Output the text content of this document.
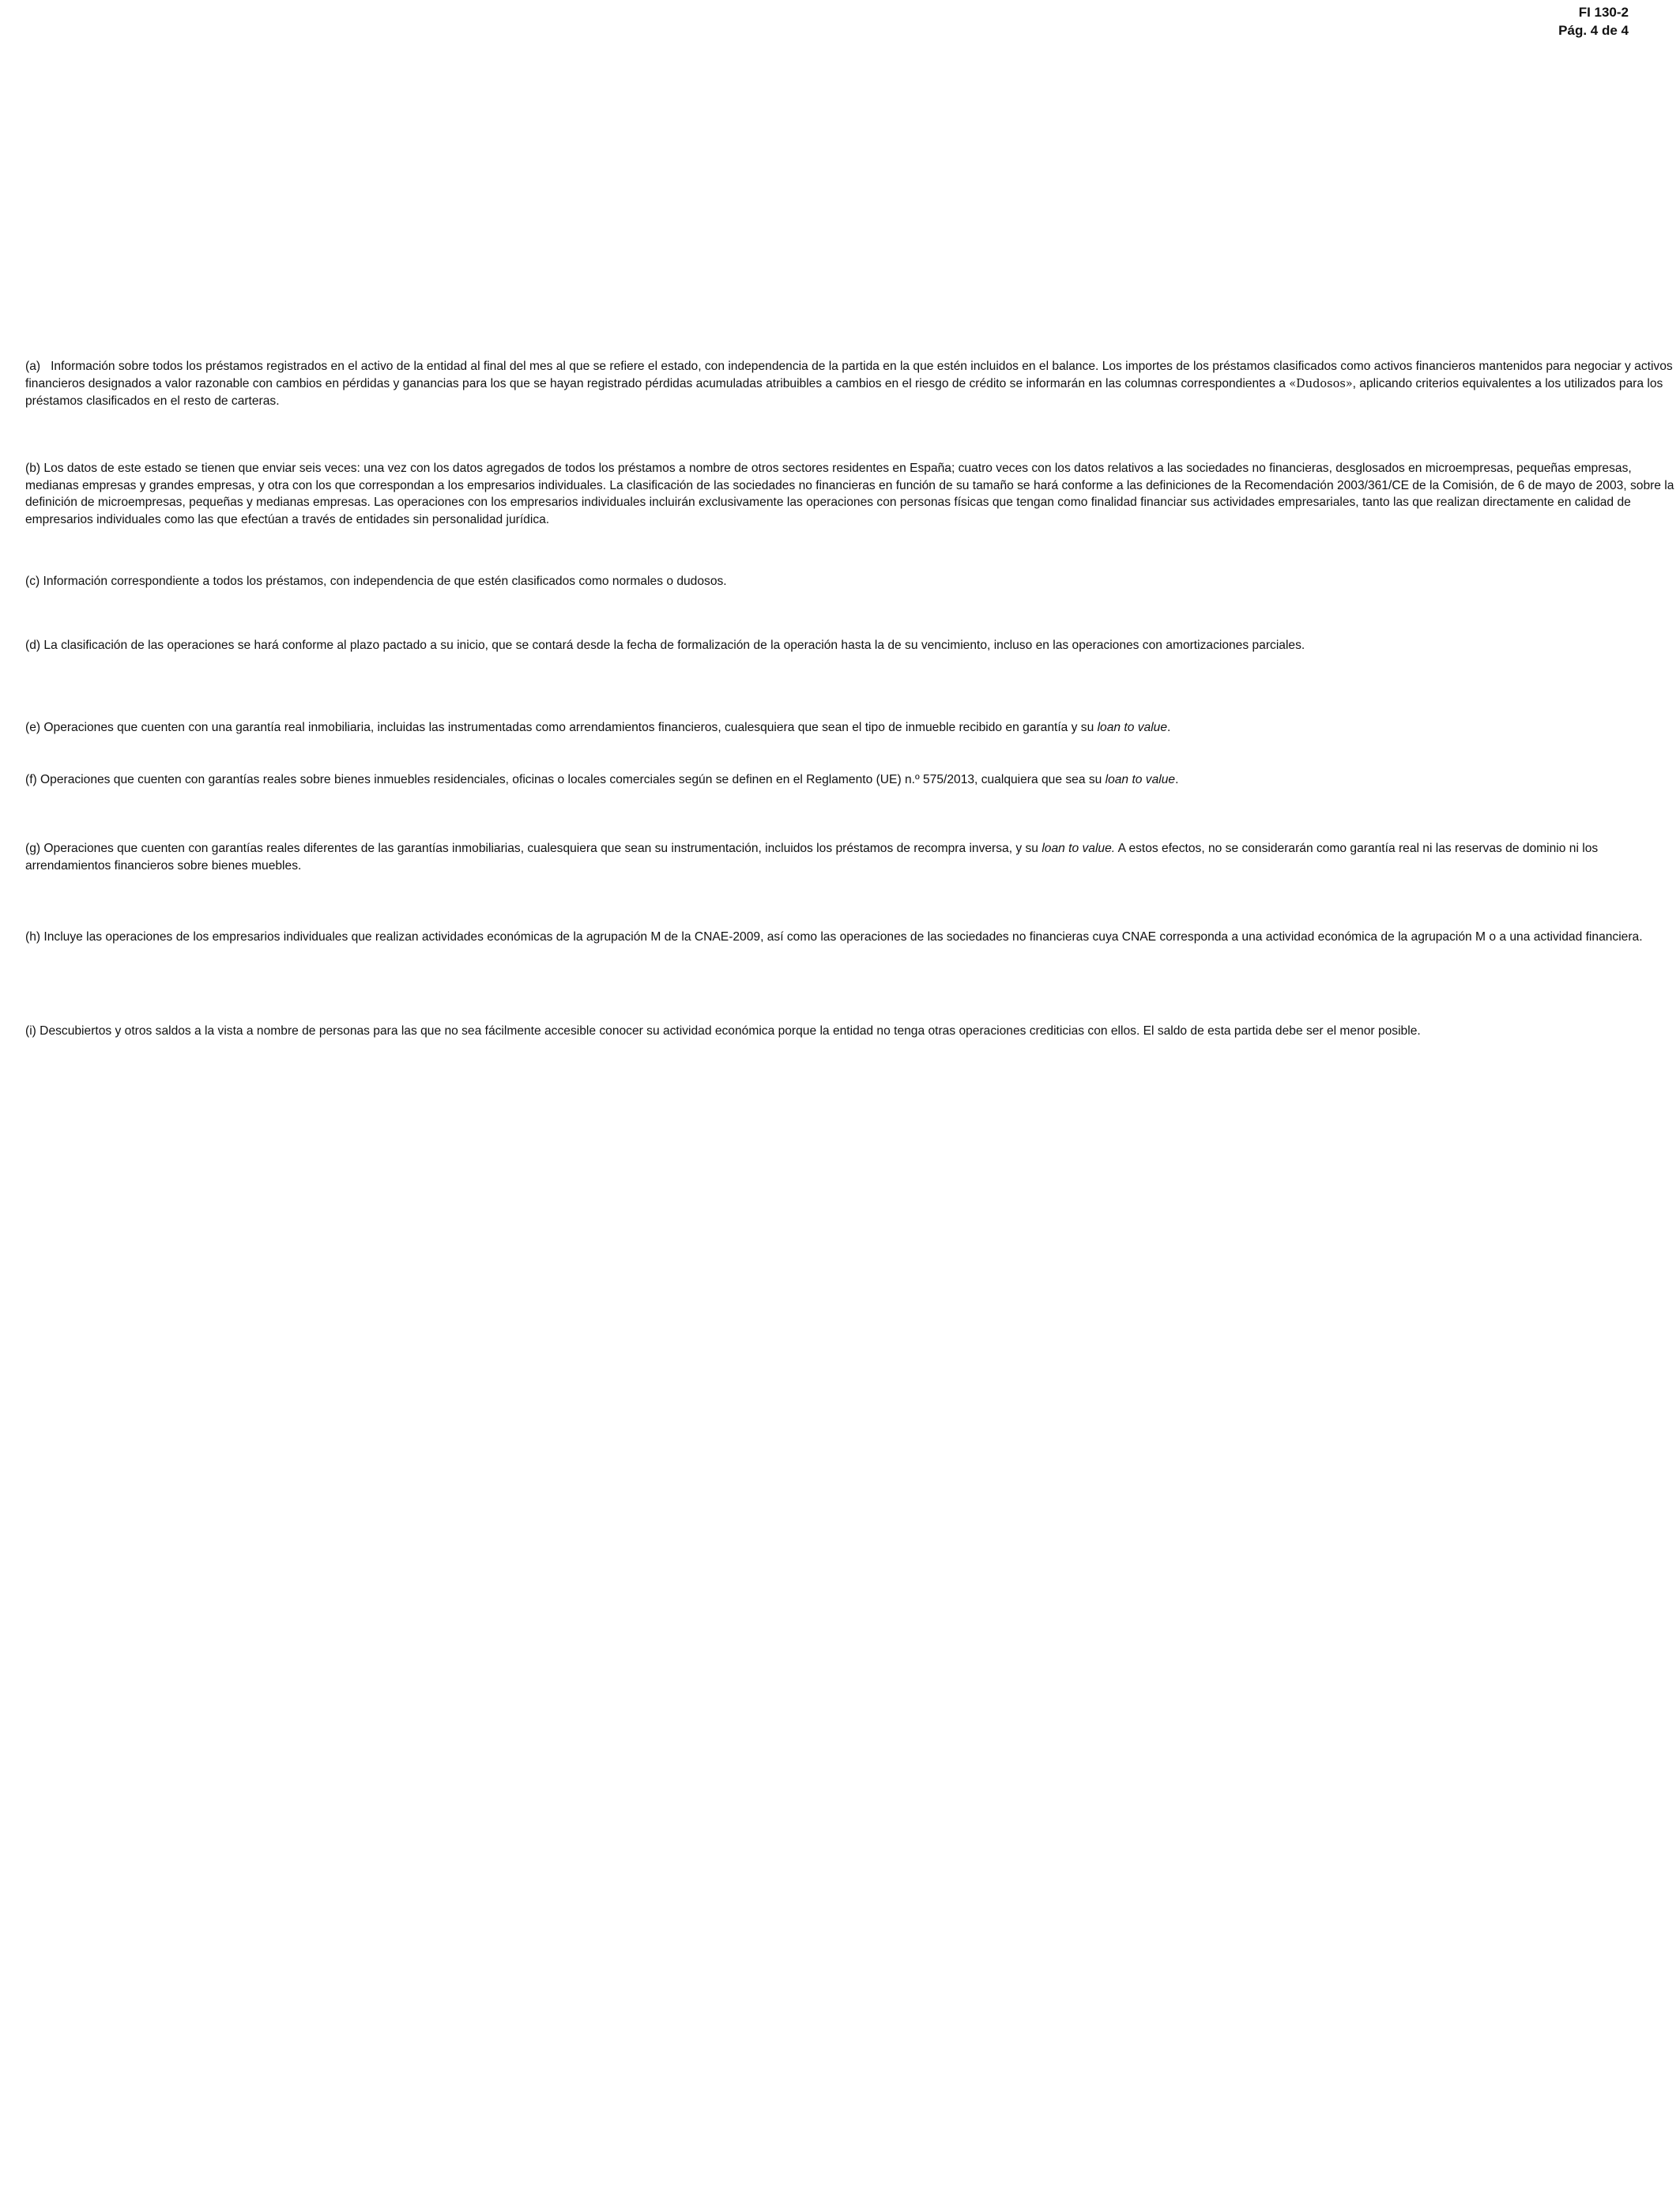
FI 130-2
Pág. 4 de 4

(a) Información sobre todos los préstamos registrados en el activo de la entidad al final del mes al que se refiere el estado, con independencia de la partida en la que estén incluidos en el balance. Los importes de los préstamos clasificados como activos financieros mantenidos para negociar y activos financieros designados a valor razonable con cambios en pérdidas y ganancias para los que se hayan registrado pérdidas acumuladas atribuibles a cambios en el riesgo de crédito se informarán en las columnas correspondientes a «Dudosos», aplicando criterios equivalentes a los utilizados para los préstamos clasificados en el resto de carteras.

(b) Los datos de este estado se tienen que enviar seis veces: una vez con los datos agregados de todos los préstamos a nombre de otros sectores residentes en España; cuatro veces con los datos relativos a las sociedades no financieras, desglosados en microempresas, pequeñas empresas, medianas empresas y grandes empresas, y otra con los que correspondan a los empresarios individuales. La clasificación de las sociedades no financieras en función de su tamaño se hará conforme a las definiciones de la Recomendación 2003/361/CE de la Comisión, de 6 de mayo de 2003, sobre la definición de microempresas, pequeñas y medianas empresas. Las operaciones con los empresarios individuales incluirán exclusivamente las operaciones con personas físicas que tengan como finalidad financiar sus actividades empresariales, tanto las que realizan directamente en calidad de empresarios individuales como las que efectúan a través de entidades sin personalidad jurídica.

(c) Información correspondiente a todos los préstamos, con independencia de que estén clasificados como normales o dudosos.

(d) La clasificación de las operaciones se hará conforme al plazo pactado a su inicio, que se contará desde la fecha de formalización de la operación hasta la de su vencimiento, incluso en las operaciones con amortizaciones parciales.

(e) Operaciones que cuenten con una garantía real inmobiliaria, incluidas las instrumentadas como arrendamientos financieros, cualesquiera que sean el tipo de inmueble recibido en garantía y su loan to value.

(f) Operaciones que cuenten con garantías reales sobre bienes inmuebles residenciales, oficinas o locales comerciales según se definen en el Reglamento (UE) n.º 575/2013, cualquiera que sea su loan to value.

(g) Operaciones que cuenten con garantías reales diferentes de las garantías inmobiliarias, cualesquiera que sean su instrumentación, incluidos los préstamos de recompra inversa, y su loan to value. A estos efectos, no se considerarán como garantía real ni las reservas de dominio ni los arrendamientos financieros sobre bienes muebles.

(h) Incluye las operaciones de los empresarios individuales que realizan actividades económicas de la agrupación M de la CNAE-2009, así como las operaciones de las sociedades no financieras cuya CNAE corresponda a una actividad económica de la agrupación M o a una actividad financiera.

(i) Descubiertos y otros saldos a la vista a nombre de personas para las que no sea fácilmente accesible conocer su actividad económica porque la entidad no tenga otras operaciones crediticias con ellos. El saldo de esta partida debe ser el menor posible.
